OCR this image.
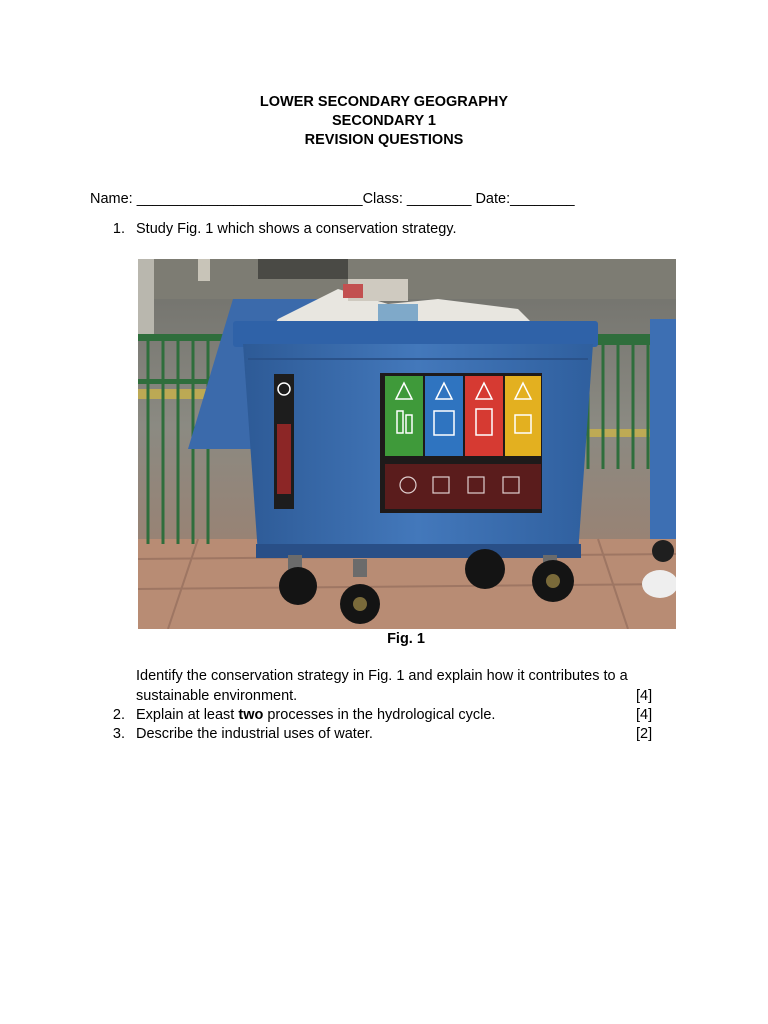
LOWER SECONDARY GEOGRAPHY
SECONDARY 1
REVISION QUESTIONS
Name: ____________________________Class: ________ Date:________
1. Study Fig. 1 which shows a conservation strategy.
Fig. 1
Identify the conservation strategy in Fig. 1 and explain how it contributes to a
sustainable environment.	[4]
2. Explain at least two processes in the hydrological cycle.	[4]
3. Describe the industrial uses of water.	[2]
